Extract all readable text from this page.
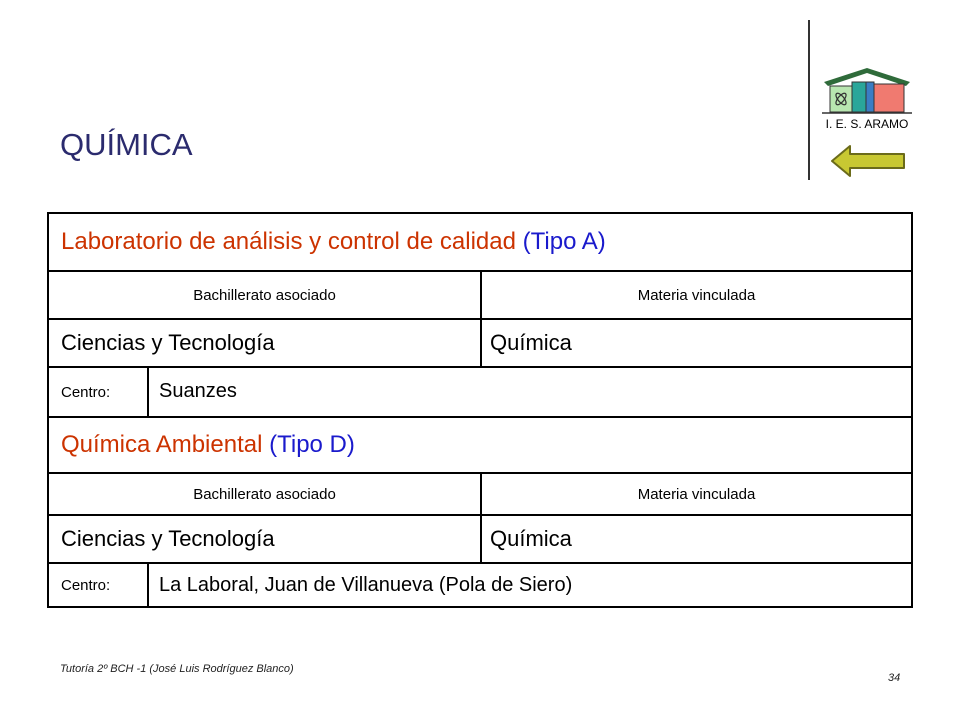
QUÍMICA
I. E. S. ARAMO
Laboratorio de análisis y control de calidad
(Tipo A)
Bachillerato asociado	Materia vinculada
Ciencias y Tecnología	Química
Centro:	Suanzes
Química Ambiental
(Tipo D)
Bachillerato asociado	Materia vinculada
Ciencias y Tecnología	Química
Centro:	La Laboral, Juan de Villanueva (Pola de Siero)
Tutoría 2º BCH -1 (José Luis Rodríguez Blanco)
34
